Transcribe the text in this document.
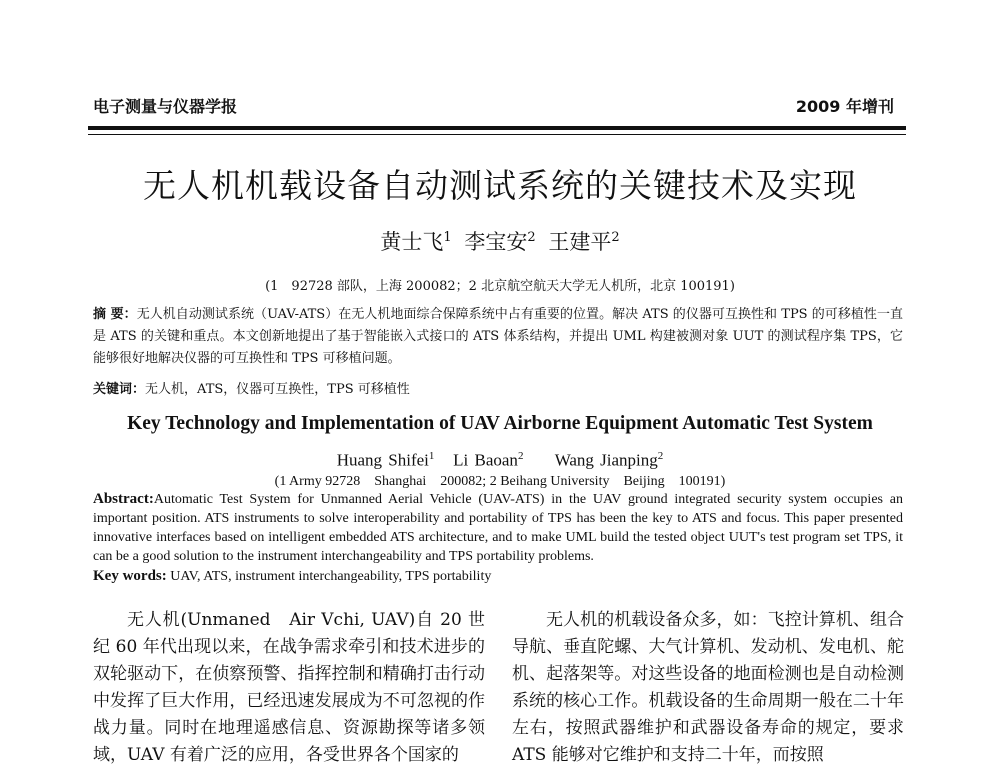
电子测量与仪器学报	2009 年增刊
无人机机载设备自动测试系统的关键技术及实现
黄士飞$^1$ 李宝安$^2$ 王建平$^2$
(1　92728 部队，上海 200082；2 北京航空航天大学无人机所，北京 100191)
摘 要：无人机自动测试系统（UAV-ATS）在无人机地面综合保障系统中占有重要的位置。解决 ATS 的仪器可互换性和 TPS 的可移植性一直是 ATS 的关键和重点。本文创新地提出了基于智能嵌入式接口的 ATS 体系结构，并提出 UML 构建被测对象 UUT 的测试程序集 TPS，它能够很好地解决仪器的可互换性和 TPS 可移植问题。
关键词：无人机，ATS，仪器可互换性，TPS 可移植性
Key Technology and Implementation of UAV Airborne Equipment Automatic Test System
Huang Shifei$^1$ Li Baoan$^2$ Wang Jianping$^2$
(1 Army 92728　Shanghai　200082; 2 Beihang University　Beijing　100191)
Abstract:Automatic Test System for Unmanned Aerial Vehicle (UAV-ATS) in the UAV ground integrated security system occupies an important position. ATS instruments to solve interoperability and portability of TPS has been the key to ATS and focus. This paper presented innovative interfaces based on intelligent embedded ATS architecture, and to make UML build the tested object UUT's test program set TPS, it can be a good solution to the instrument interchangeability and TPS portability problems.
Key words: UAV, ATS, instrument interchangeability, TPS portability

无人机(Unmaned　Air Vchi, UAV)自 20 世纪 60 年代出现以来，在战争需求牵引和技术进步的双轮驱动下，在侦察预警、指挥控制和精确打击行动中发挥了巨大作用，已经迅速发展成为不可忽视的作战力量。同时在地理遥感信息、资源勘探等诸多领域，UAV 有着广泛的应用，各受世界各个国家的

无人机的机载设备众多，如：飞控计算机、组合导航、垂直陀螺、大气计算机、发动机、发电机、舵机、起落架等。对这些设备的地面检测也是自动检测系统的核心工作。机载设备的生命周期一般在二十年左右，按照武器维护和武器设备寿命的规定，要求 ATS 能够对它维护和支持二十年，而按照
